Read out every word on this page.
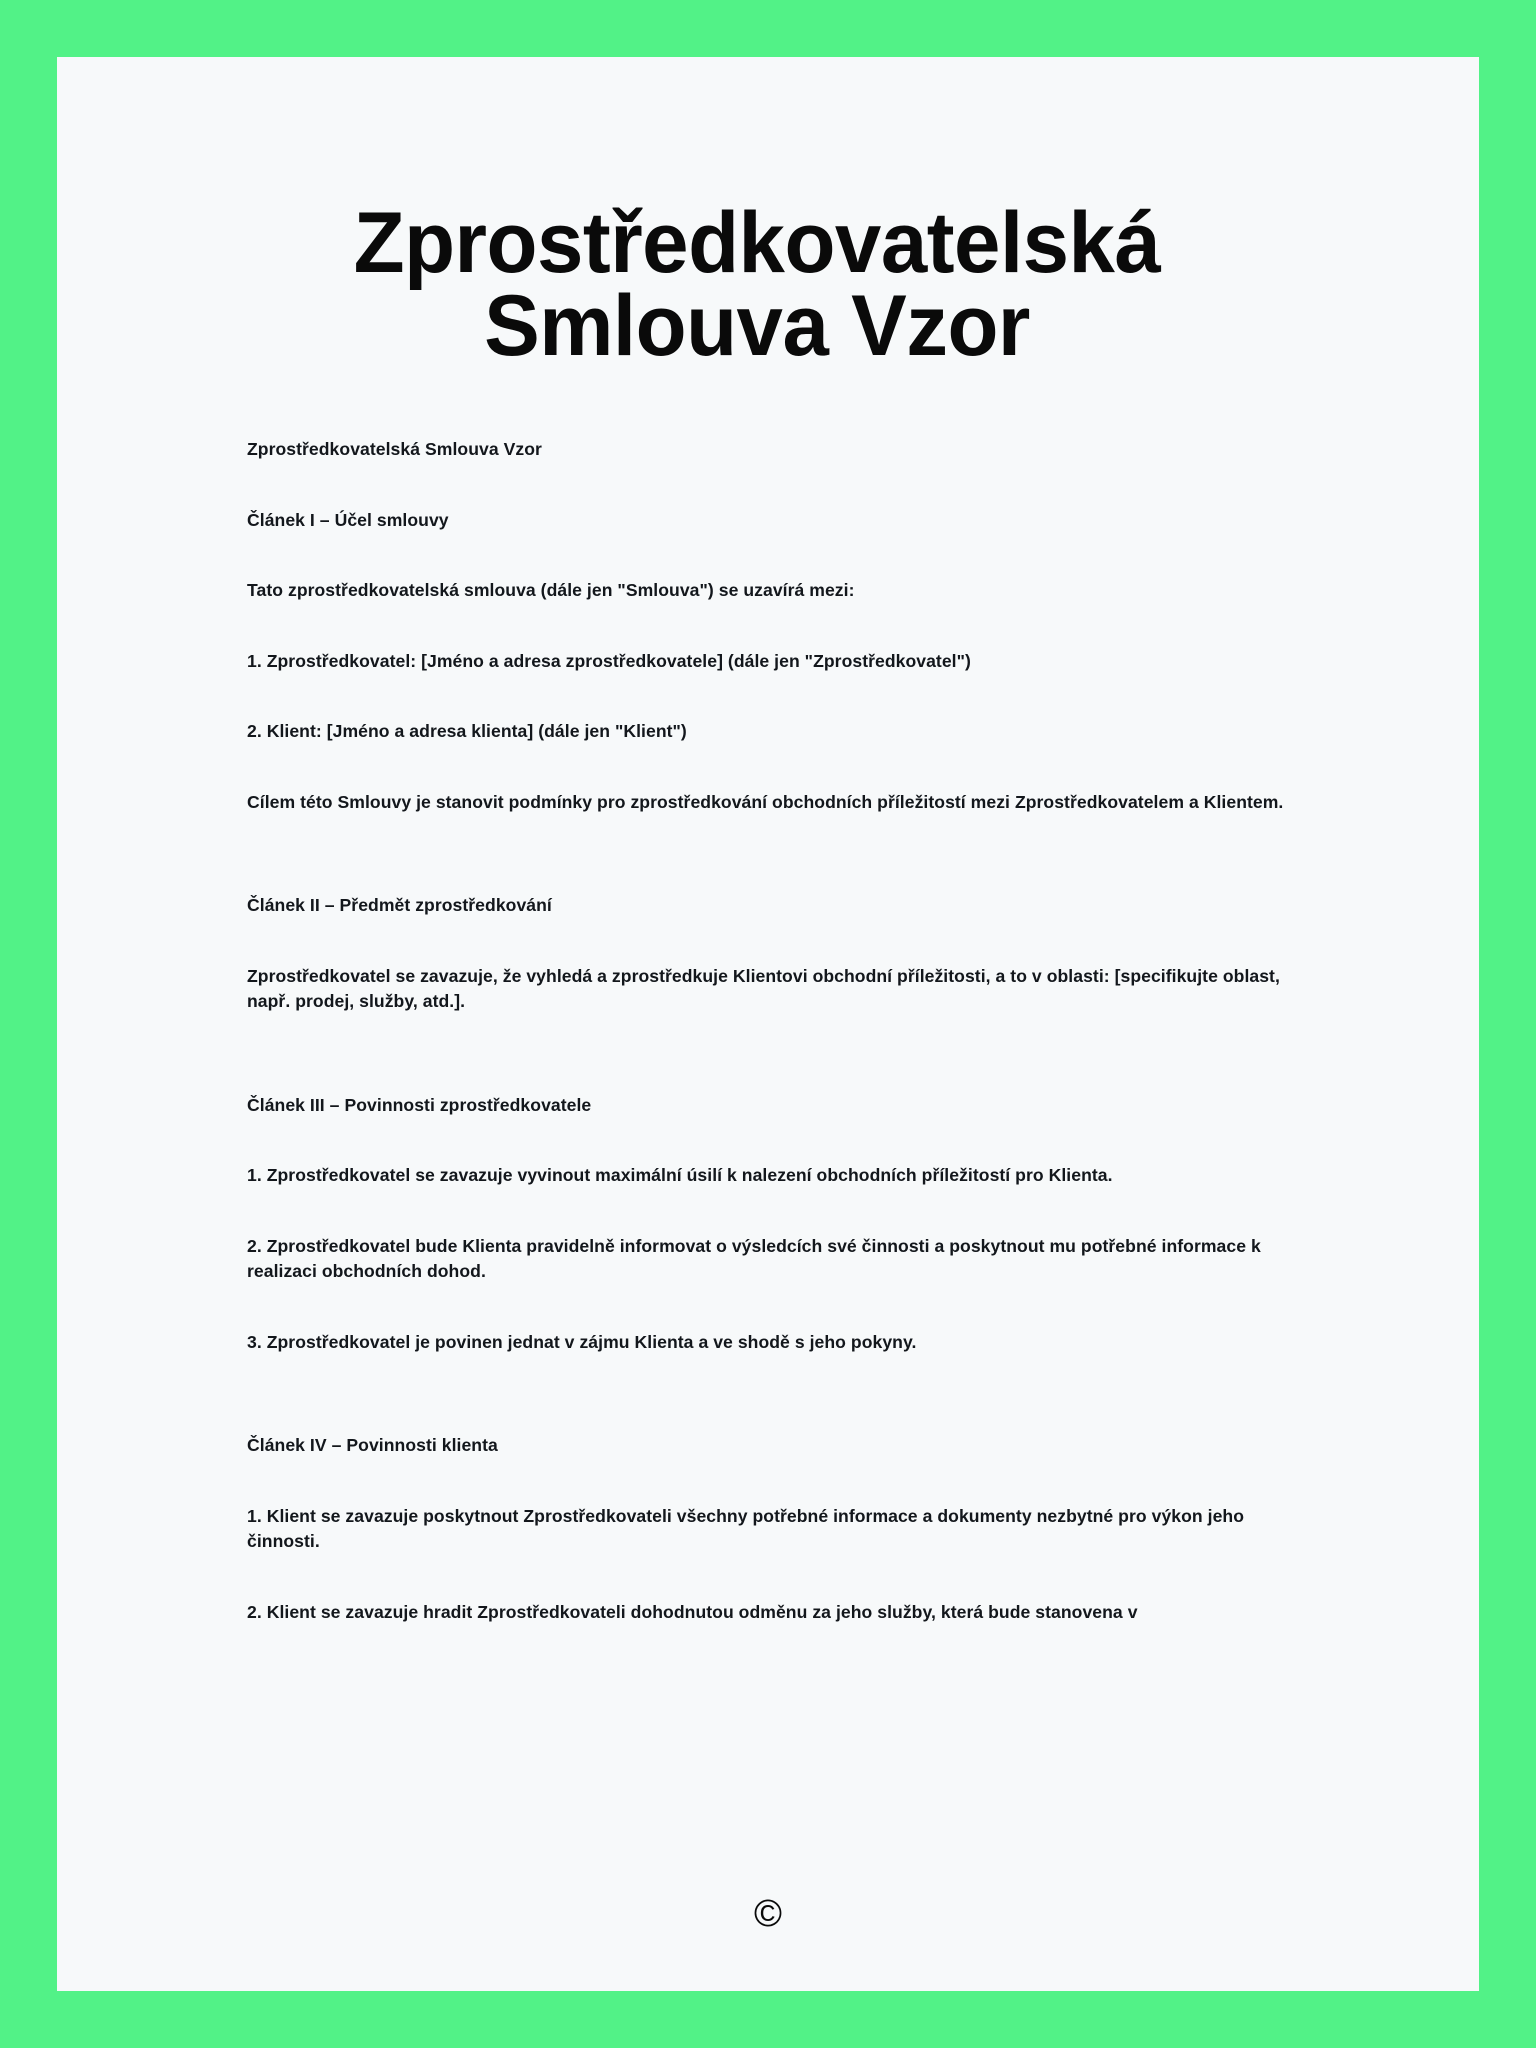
Zprostředkovatelská Smlouva Vzor

Zprostředkovatelská Smlouva Vzor

Článek I – Účel smlouvy

Tato zprostředkovatelská smlouva (dále jen "Smlouva") se uzavírá mezi:

1. Zprostředkovatel: [Jméno a adresa zprostředkovatele] (dále jen "Zprostředkovatel")

2. Klient: [Jméno a adresa klienta] (dále jen "Klient")

Cílem této Smlouvy je stanovit podmínky pro zprostředkování obchodních příležitostí mezi Zprostředkovatelem a Klientem.

Článek II – Předmět zprostředkování

Zprostředkovatel se zavazuje, že vyhledá a zprostředkuje Klientovi obchodní příležitosti, a to v oblasti: [specifikujte oblast, např. prodej, služby, atd.].

Článek III – Povinnosti zprostředkovatele

1. Zprostředkovatel se zavazuje vyvinout maximální úsilí k nalezení obchodních příležitostí pro Klienta.

2. Zprostředkovatel bude Klienta pravidelně informovat o výsledcích své činnosti a poskytnout mu potřebné informace k realizaci obchodních dohod.

3. Zprostředkovatel je povinen jednat v zájmu Klienta a ve shodě s jeho pokyny.

Článek IV – Povinnosti klienta

1. Klient se zavazuje poskytnout Zprostředkovateli všechny potřebné informace a dokumenty nezbytné pro výkon jeho činnosti.

2. Klient se zavazuje hradit Zprostředkovateli dohodnutou odměnu za jeho služby, která bude stanovena v

©
